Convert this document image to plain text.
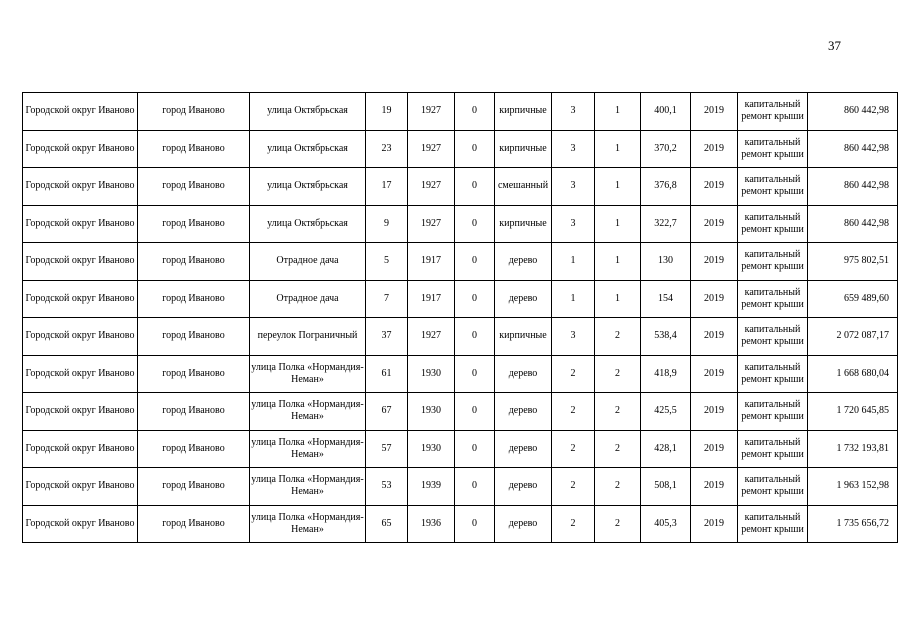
37
Городской округ Иваново	город Иваново	улица Октябрьская	19	1927	0	кирпичные	3	1	400,1	2019	капитальный ремонт крыши	860 442,98
Городской округ Иваново	город Иваново	улица Октябрьская	23	1927	0	кирпичные	3	1	370,2	2019	капитальный ремонт крыши	860 442,98
Городской округ Иваново	город Иваново	улица Октябрьская	17	1927	0	смешанный	3	1	376,8	2019	капитальный ремонт крыши	860 442,98
Городской округ Иваново	город Иваново	улица Октябрьская	9	1927	0	кирпичные	3	1	322,7	2019	капитальный ремонт крыши	860 442,98
Городской округ Иваново	город Иваново	Отрадное дача	5	1917	0	дерево	1	1	130	2019	капитальный ремонт крыши	975 802,51
Городской округ Иваново	город Иваново	Отрадное дача	7	1917	0	дерево	1	1	154	2019	капитальный ремонт крыши	659 489,60
Городской округ Иваново	город Иваново	переулок Пограничный	37	1927	0	кирпичные	3	2	538,4	2019	капитальный ремонт крыши	2 072 087,17
Городской округ Иваново	город Иваново	улица Полка «Нормандия-Неман»	61	1930	0	дерево	2	2	418,9	2019	капитальный ремонт крыши	1 668 680,04
Городской округ Иваново	город Иваново	улица Полка «Нормандия-Неман»	67	1930	0	дерево	2	2	425,5	2019	капитальный ремонт крыши	1 720 645,85
Городской округ Иваново	город Иваново	улица Полка «Нормандия-Неман»	57	1930	0	дерево	2	2	428,1	2019	капитальный ремонт крыши	1 732 193,81
Городской округ Иваново	город Иваново	улица Полка «Нормандия-Неман»	53	1939	0	дерево	2	2	508,1	2019	капитальный ремонт крыши	1 963 152,98
Городской округ Иваново	город Иваново	улица Полка «Нормандия-Неман»	65	1936	0	дерево	2	2	405,3	2019	капитальный ремонт крыши	1 735 656,72
